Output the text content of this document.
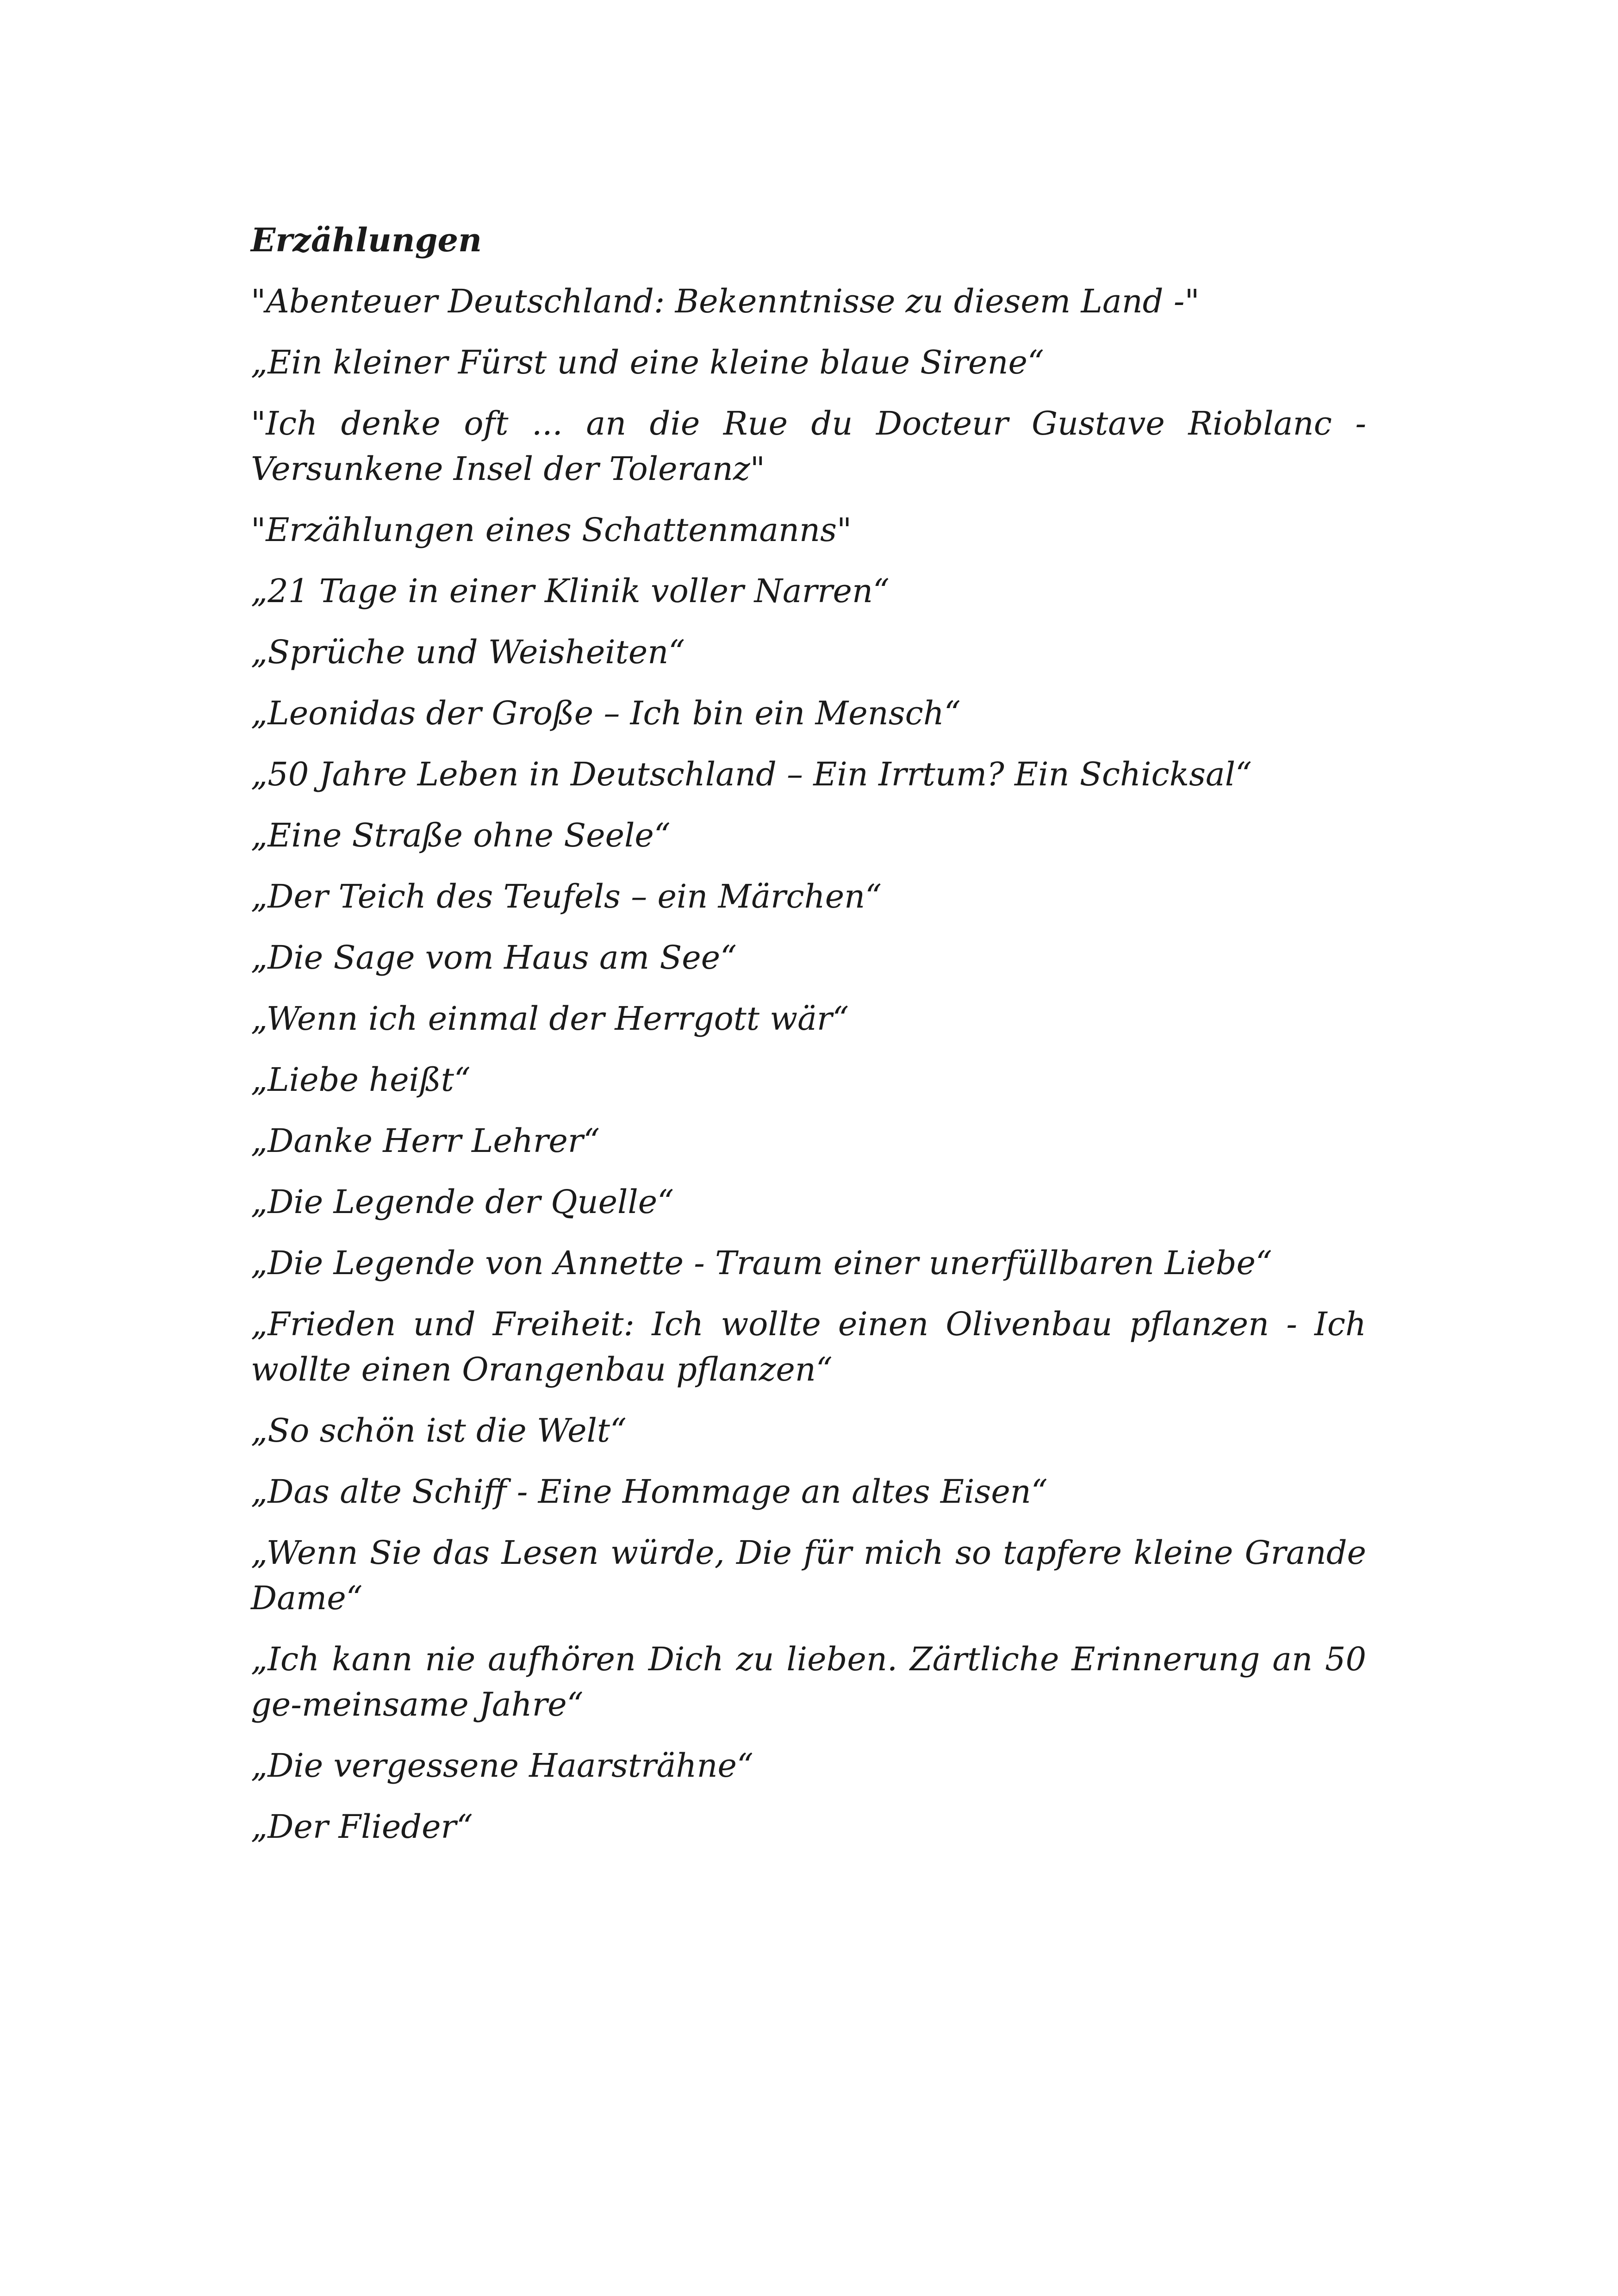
Erzählungen
"Abenteuer Deutschland: Bekenntnisse zu diesem Land -"
„Ein kleiner Fürst und eine kleine blaue Sirene“
"Ich denke oft ... an die Rue du Docteur Gustave Rioblanc - Versunkene Insel der Toleranz"
"Erzählungen eines Schattenmanns"
„21 Tage in einer Klinik voller Narren“
„Sprüche und Weisheiten“
„Leonidas der Große – Ich bin ein Mensch“
„50 Jahre Leben in Deutschland – Ein Irrtum? Ein Schicksal“
„Eine Straße ohne Seele“
„Der Teich des Teufels – ein Märchen“
„Die Sage vom Haus am See“
„Wenn ich einmal der Herrgott wär“
„Liebe heißt“
„Danke Herr Lehrer“
„Die Legende der Quelle“
„Die Legende von Annette - Traum einer unerfüllbaren Liebe“
„Frieden und Freiheit: Ich wollte einen Olivenbau pflanzen - Ich wollte einen Orangenbau pflanzen“
„So schön ist die Welt“
„Das alte Schiff - Eine Hommage an altes Eisen“
„Wenn Sie das Lesen würde, Die für mich so tapfere kleine Grande Dame“
„Ich kann nie aufhören Dich zu lieben. Zärtliche Erinnerung an 50 ge-meinsame Jahre“
„Die vergessene Haarsträhne“
„Der Flieder“
